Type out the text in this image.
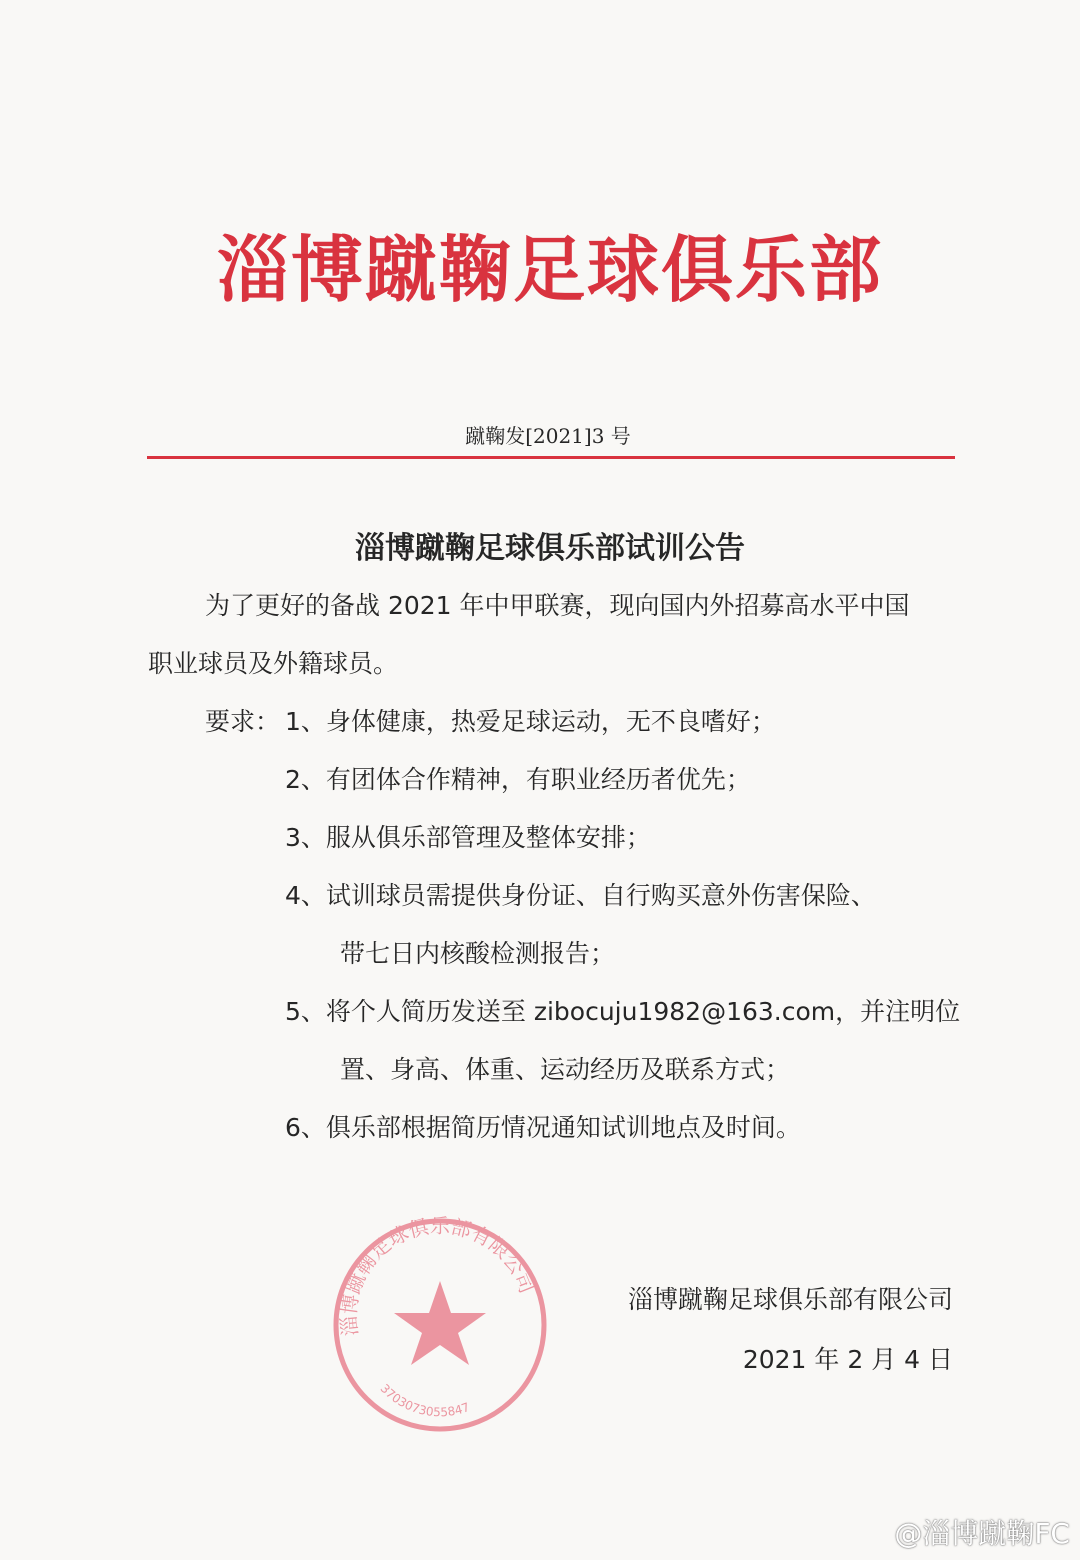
淄博蹴鞠足球俱乐部
蹴鞠发[2021]3 号
淄博蹴鞠足球俱乐部试训公告
为了更好的备战 2021 年中甲联赛，现向国内外招募高水平中国
职业球员及外籍球员。
要求： 1、身体健康，热爱足球运动，无不良嗜好；
2、有团体合作精神，有职业经历者优先；
3、服从俱乐部管理及整体安排；
4、试训球员需提供身份证、自行购买意外伤害保险、
带七日内核酸检测报告；
5、将个人简历发送至 zibocuju1982@163.com，并注明位
置、身高、体重、运动经历及联系方式；
6、俱乐部根据简历情况通知试训地点及时间。
淄博蹴鞠足球俱乐部有限公司
3703073055847
淄博蹴鞠足球俱乐部有限公司
2021 年 2 月 4 日
@淄博蹴鞠FC
